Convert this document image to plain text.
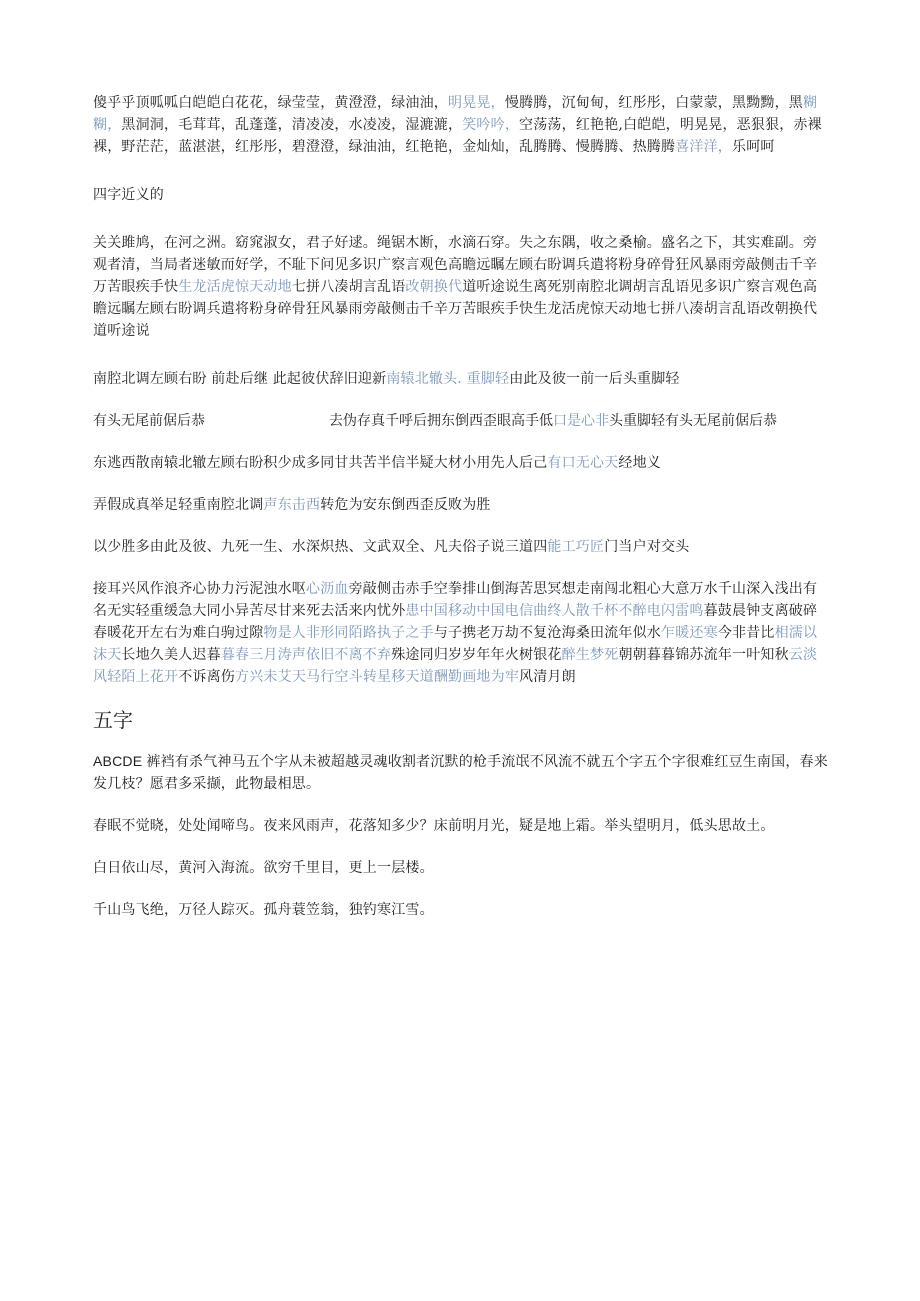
傻乎乎顶呱呱白皑皑白花花，绿莹莹，黄澄澄，绿油油，明晃晃，慢腾腾，沉甸甸，红彤彤，白蒙蒙，黑黝黝，黑糊糊，黑洞洞，毛茸茸，乱蓬蓬，清凌凌，水凌凌，湿漉漉，笑吟吟，空荡荡，红艳艳,白皑皑，明晃晃，恶狠狠，赤裸裸，野茫茫，蓝湛湛，红彤彤，碧澄澄，绿油油，红艳艳，金灿灿，乱腾腾、慢腾腾、热腾腾喜洋洋，乐呵呵

四字近义的

关关雎鸠，在河之洲。窈窕淑女，君子好逑。绳锯木断，水滴石穿。失之东隅，收之桑榆。盛名之下，其实难副。旁观者清，当局者迷敏而好学，不耻下问见多识广察言观色高瞻远瞩左顾右盼调兵遣将粉身碎骨狂风暴雨旁敲侧击千辛万苦眼疾手快生龙活虎惊天动地七拼八凑胡言乱语改朝换代道听途说生离死别南腔北调胡言乱语见多识广察言观色高瞻远瞩左顾右盼调兵遣将粉身碎骨狂风暴雨旁敲侧击千辛万苦眼疾手快生龙活虎惊天动地七拼八凑胡言乱语改朝换代道听途说

南腔北调左顾右盼 前赴后继 此起彼伏辞旧迎新南辕北辙头. 重脚轻由此及彼一前一后头重脚轻

有头无尾前倨后恭	去伪存真千呼后拥东倒西歪眼高手低口是心非头重脚轻有头无尾前倨后恭

东逃西散南辕北辙左顾右盼积少成多同甘共苦半信半疑大材小用先人后己有口无心天经地义

弄假成真举足轻重南腔北调声东击西转危为安东倒西歪反败为胜

以少胜多由此及彼、九死一生、水深炽热、文武双全、凡夫俗子说三道四能工巧匠门当户对交头

接耳兴风作浪齐心协力污泥浊水呕心沥血旁敲侧击赤手空拳排山倒海苦思冥想走南闯北粗心大意万水千山深入浅出有名无实轻重缓急大同小异苦尽甘来死去活来内忧外患中国移动中国电信曲终人散千杯不醉电闪雷鸣暮鼓晨钟支离破碎春暖花开左右为难白驹过隙物是人非形同陌路执子之手与子携老万劫不复沧海桑田流年似水乍暖还寒今非昔比相濡以沫天长地久美人迟暮暮春三月涛声依旧不离不弃殊途同归岁岁年年火树银花醉生梦死朝朝暮暮锦苏流年一叶知秋云淡风轻陌上花开不诉离伤方兴未艾天马行空斗转星移天道酬勤画地为牢风清月朗

五字

ABCDE 裤裆有杀气神马五个字从未被超越灵魂收割者沉默的枪手流氓不风流不就五个字五个字很难红豆生南国，春来发几枝？愿君多采撷，此物最相思。

春眠不觉晓，处处闻啼鸟。夜来风雨声，花落知多少？床前明月光，疑是地上霜。举头望明月，低头思故土。

白日依山尽，黄河入海流。欲穷千里目，更上一层楼。

千山鸟飞绝，万径人踪灭。孤舟蓑笠翁，独钓寒江雪。
